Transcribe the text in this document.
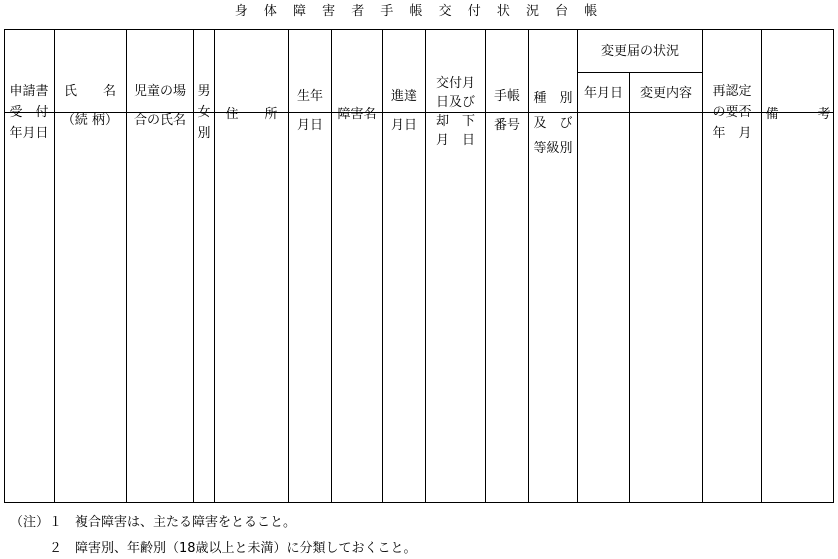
身 体 障 害 者 手 帳 交 付 状 況 台 帳

申請書
受　付
年月日

氏　　名
（続 柄）

児童の場
合の氏名

男
女
別

住　　所

生年
月日

障害名

進達
月日

交付月
日及び
却　下
月　日

手帳
番号

種　別
及　び
等級別

変更届の状況
年月日	変更内容

	再認定
の要否
年　月

備　　　考

（注）１　複合障害は、主たる障害をとること。
　　　２　障害別、年齢別（18歳以上と未満）に分類しておくこと。
